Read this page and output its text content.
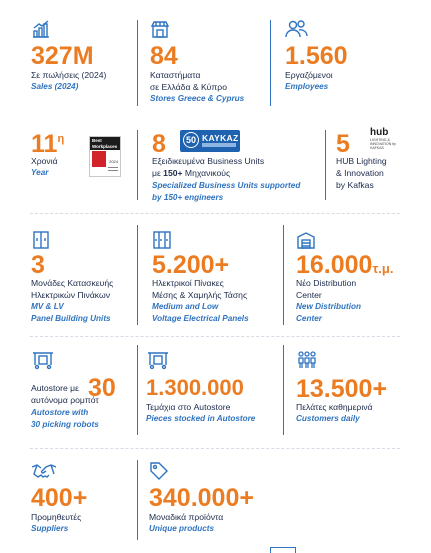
327M
Σε πωλήσεις (2024)
Sales (2024)
84
Καταστήματα
σε Ελλάδα & Κύπρο
Stores Greece & Cyprus
1.560
Εργαζόμενοι
Employees
$11^\eta$
Χρονιά
Year
Best Workplaces
2024
8
Εξειδικευμένα Business Units
με 150+ Μηχανικούς
Specialized Business Units supported
by 150+ engineers
50 ΚΑΥΚΑΖ	5
HUB Lighting
& Innovation
by Kafkas
hub
LIGHTING & INNOVATION by KAFKAS
3
Μονάδες Κατασκευής
Ηλεκτρικών Πινάκων
MV & LV
Panel Building Units
5.200+
Ηλεκτρικοί Πίνακες
Μέσης & Χαμηλής Τάσης
Medium and Low
Voltage Electrical Panels
16.000τ.μ.
Νέο Distribution
Center
New Distribution
Center
30
Autostore με
αυτόνομα ρομπότ
Autostore with
30 picking robots
1.300.000
Τεμάχια στο Autostore
Pieces stocked in Autostore
13.500+
Πελάτες καθημερινά
Customers daily
400+
Προμηθευτές
Suppliers
340.000+
Μοναδικά προϊόντα
Unique products
